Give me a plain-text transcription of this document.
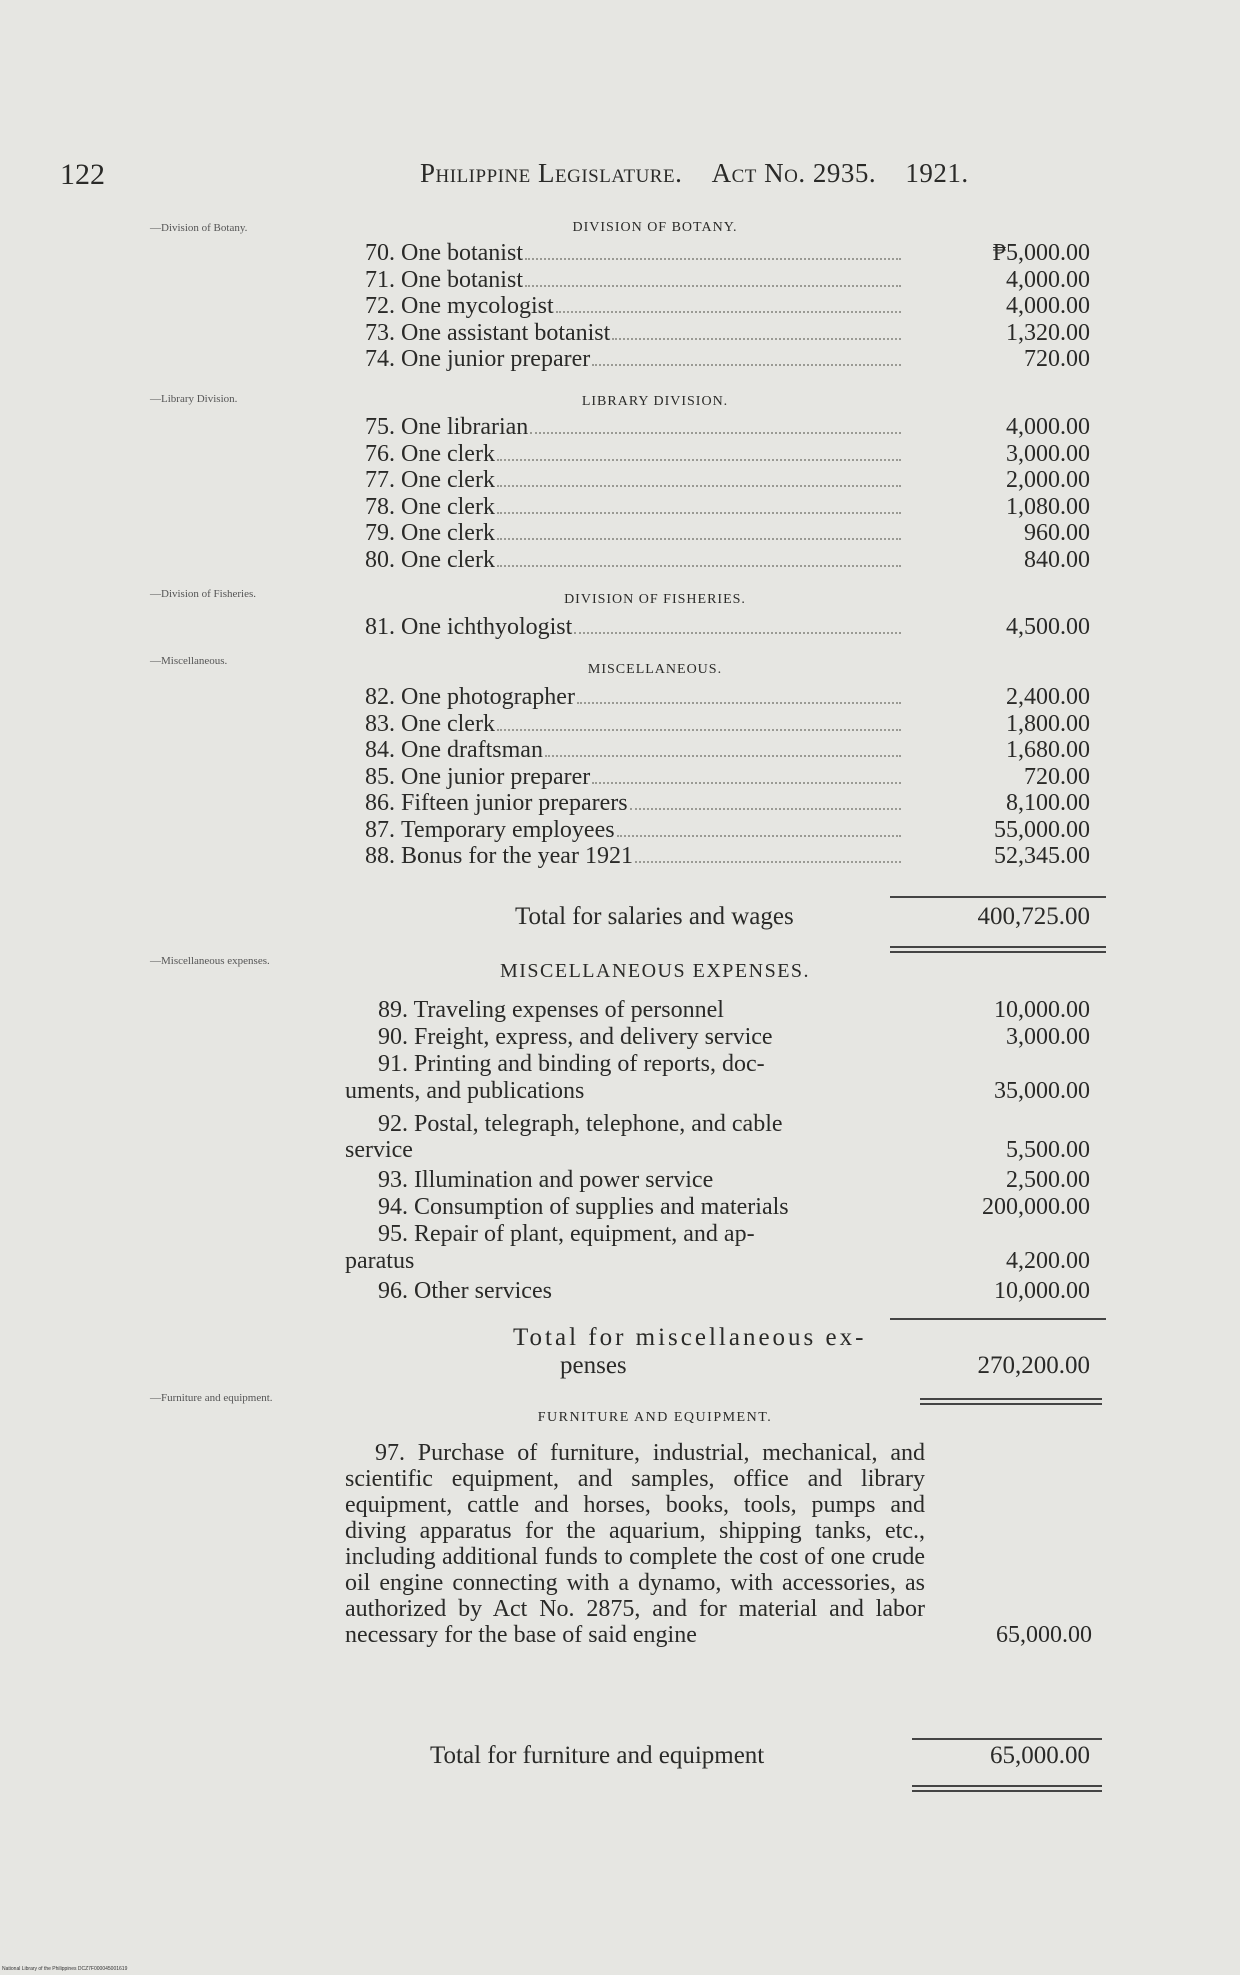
122	Philippine Legislature. Act No. 2935. 1921.
—Division of Botany.
—Library Division.
—Division of Fisheries.
—Miscellaneous.
—Miscellaneous expenses.
—Furniture and equipment.
DIVISION OF BOTANY.
70. One botanist	₱5,000.00
71. One botanist	4,000.00
72. One mycologist	4,000.00
73. One assistant botanist	1,320.00
74. One junior preparer	720.00
LIBRARY DIVISION.
75. One librarian	4,000.00
76. One clerk	3,000.00
77. One clerk	2,000.00
78. One clerk	1,080.00
79. One clerk	960.00
80. One clerk	840.00
DIVISION OF FISHERIES.
81. One ichthyologist	4,500.00
MISCELLANEOUS.
82. One photographer	2,400.00
83. One clerk	1,800.00
84. One draftsman	1,680.00
85. One junior preparer	720.00
86. Fifteen junior preparers	8,100.00
87. Temporary employees	55,000.00
88. Bonus for the year 1921	52,345.00
Total for salaries and wages	400,725.00
MISCELLANEOUS EXPENSES.
89. Traveling expenses of personnel	10,000.00
90. Freight, express, and delivery service	3,000.00
91. Printing and binding of reports, doc-
uments, and publications	35,000.00
92. Postal, telegraph, telephone, and cable
service	5,500.00
93. Illumination and power service	2,500.00
94. Consumption of supplies and materials	200,000.00
95. Repair of plant, equipment, and ap-
paratus	4,200.00
96. Other services	10,000.00
Total for miscellaneous ex-
penses	270,200.00
FURNITURE AND EQUIPMENT.
97. Purchase of furniture, industrial, mechanical, and scientific equipment, and samples, office and library equipment, cattle and horses, books, tools, pumps and diving apparatus for the aquarium, shipping tanks, etc., including additional funds to complete the cost of one crude oil engine connecting with a dynamo, with accessories, as authorized by Act No. 2875, and for material and labor necessary for the base of said engine	65,000.00
Total for furniture and equipment	65,000.00
National Library of the Philippines DCZ7F000045001619
